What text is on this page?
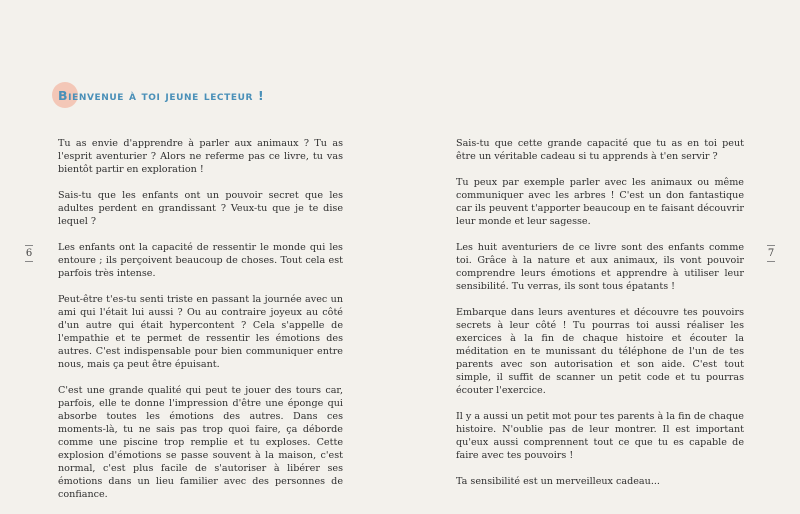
Bienvenue à toi jeune lecteur !
6

Tu as envie d'apprendre à parler aux animaux ? Tu as l'esprit aventurier ? Alors ne referme pas ce livre, tu vas bientôt partir en exploration !

Sais-tu que les enfants ont un pouvoir secret que les adultes perdent en grandissant ? Veux-tu que je te dise lequel ?

Les enfants ont la capacité de ressentir le monde qui les entoure ; ils perçoivent beaucoup de choses. Tout cela est parfois très intense.

Peut-être t'es-tu senti triste en passant la journée avec un ami qui l'était lui aussi ? Ou au contraire joyeux au côté d'un autre qui était hypercontent ? Cela s'appelle de l'empathie et te permet de ressentir les émotions des autres. C'est indispensable pour bien communiquer entre nous, mais ça peut être épuisant.

C'est une grande qualité qui peut te jouer des tours car, parfois, elle te donne l'impression d'être une éponge qui absorbe toutes les émotions des autres. Dans ces moments-là, tu ne sais pas trop quoi faire, ça déborde comme une piscine trop remplie et tu exploses. Cette explosion d'émotions se passe souvent à la maison, c'est normal, c'est plus facile de s'autoriser à libérer ses émotions dans un lieu familier avec des personnes de confiance.

Sais-tu que cette grande capacité que tu as en toi peut être un véritable cadeau si tu apprends à t'en servir ?

Tu peux par exemple parler avec les animaux ou même communiquer avec les arbres ! C'est un don fantastique car ils peuvent t'apporter beaucoup en te faisant découvrir leur monde et leur sagesse.

Les huit aventuriers de ce livre sont des enfants comme toi. Grâce à la nature et aux animaux, ils vont pouvoir comprendre leurs émotions et apprendre à utiliser leur sensibilité. Tu verras, ils sont tous épatants !

Embarque dans leurs aventures et découvre tes pouvoirs secrets à leur côté ! Tu pourras toi aussi réaliser les exercices à la fin de chaque histoire et écouter la méditation en te munissant du téléphone de l'un de tes parents avec son autorisation et son aide. C'est tout simple, il suffit de scanner un petit code et tu pourras écouter l'exercice.

Il y a aussi un petit mot pour tes parents à la fin de chaque histoire. N'oublie pas de leur montrer. Il est important qu'eux aussi comprennent tout ce que tu es capable de faire avec tes pouvoirs !

Ta sensibilité est un merveilleux cadeau...

7
